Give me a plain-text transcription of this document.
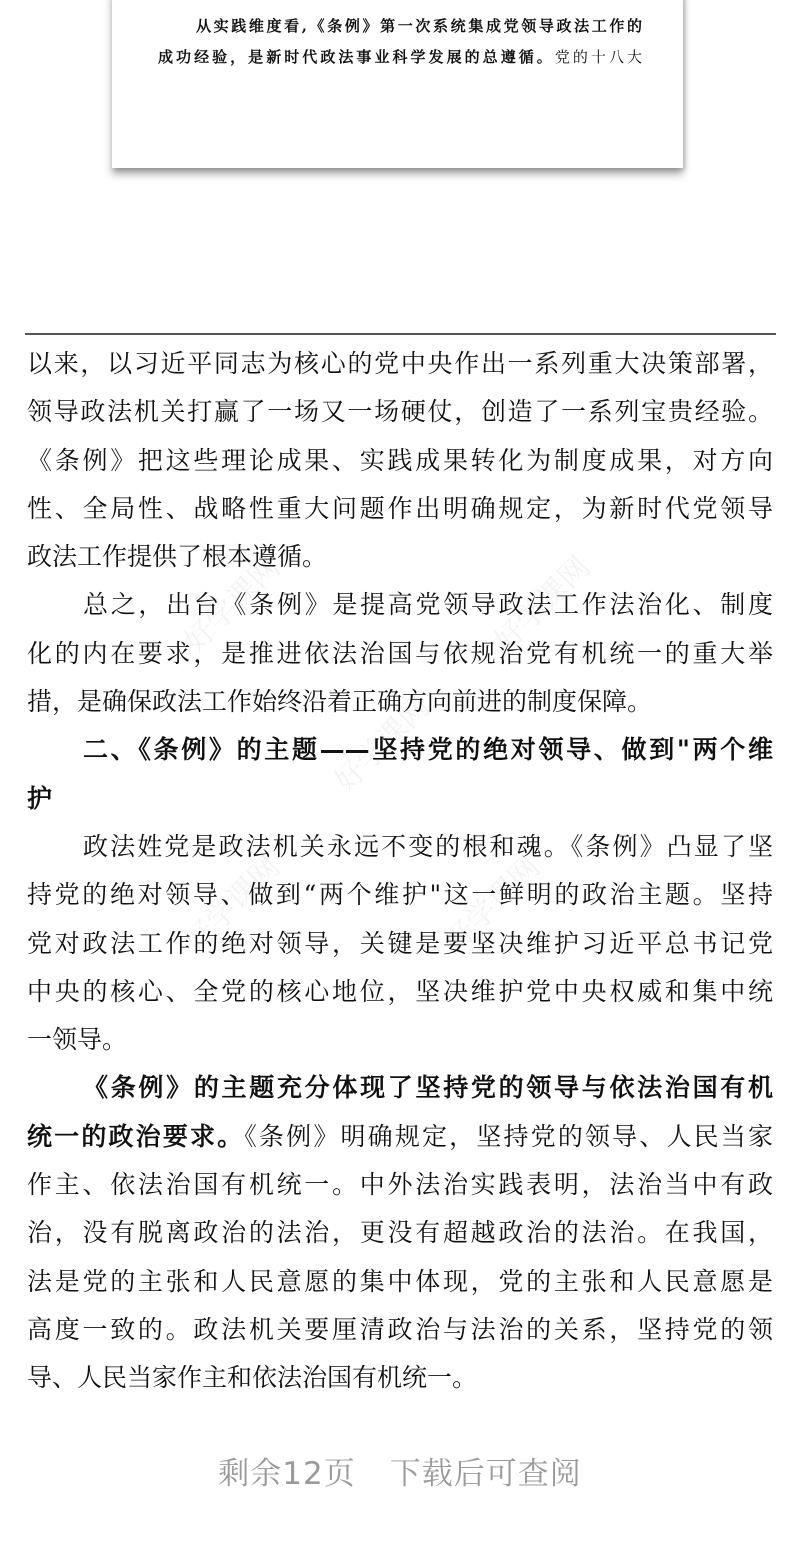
从实践维度看,《条例》第一次系统集成党领导政法工作的
成功经验，是新时代政法事业科学发展的总遵循。党的十八大
好学课网	好学课网
好学课网
好学课网	好学课网
以来，以习近平同志为核心的党中央作出一系列重大决策部署，
领导政法机关打赢了一场又一场硬仗，创造了一系列宝贵经验。
《条例》把这些理论成果、实践成果转化为制度成果，对方向
性、全局性、战略性重大问题作出明确规定，为新时代党领导
政法工作提供了根本遵循。
总之，出台《条例》是提高党领导政法工作法治化、制度
化的内在要求，是推进依法治国与依规治党有机统一的重大举
措，是确保政法工作始终沿着正确方向前进的制度保障。
二、《条例》的主题——坚持党的绝对领导、做到"两个维
护
政法姓党是政法机关永远不变的根和魂。《条例》凸显了坚
持党的绝对领导、做到“两个维护"这一鲜明的政治主题。坚持
党对政法工作的绝对领导，关键是要坚决维护习近平总书记党
中央的核心、全党的核心地位，坚决维护党中央权威和集中统
一领导。
《条例》的主题充分体现了坚持党的领导与依法治国有机
统一的政治要求。《条例》明确规定，坚持党的领导、人民当家
作主、依法治国有机统一。中外法治实践表明，法治当中有政
治，没有脱离政治的法治，更没有超越政治的法治。在我国，
法是党的主张和人民意愿的集中体现，党的主张和人民意愿是
高度一致的。政法机关要厘清政治与法治的关系，坚持党的领
导、人民当家作主和依法治国有机统一。
剩余12页 下载后可查阅
